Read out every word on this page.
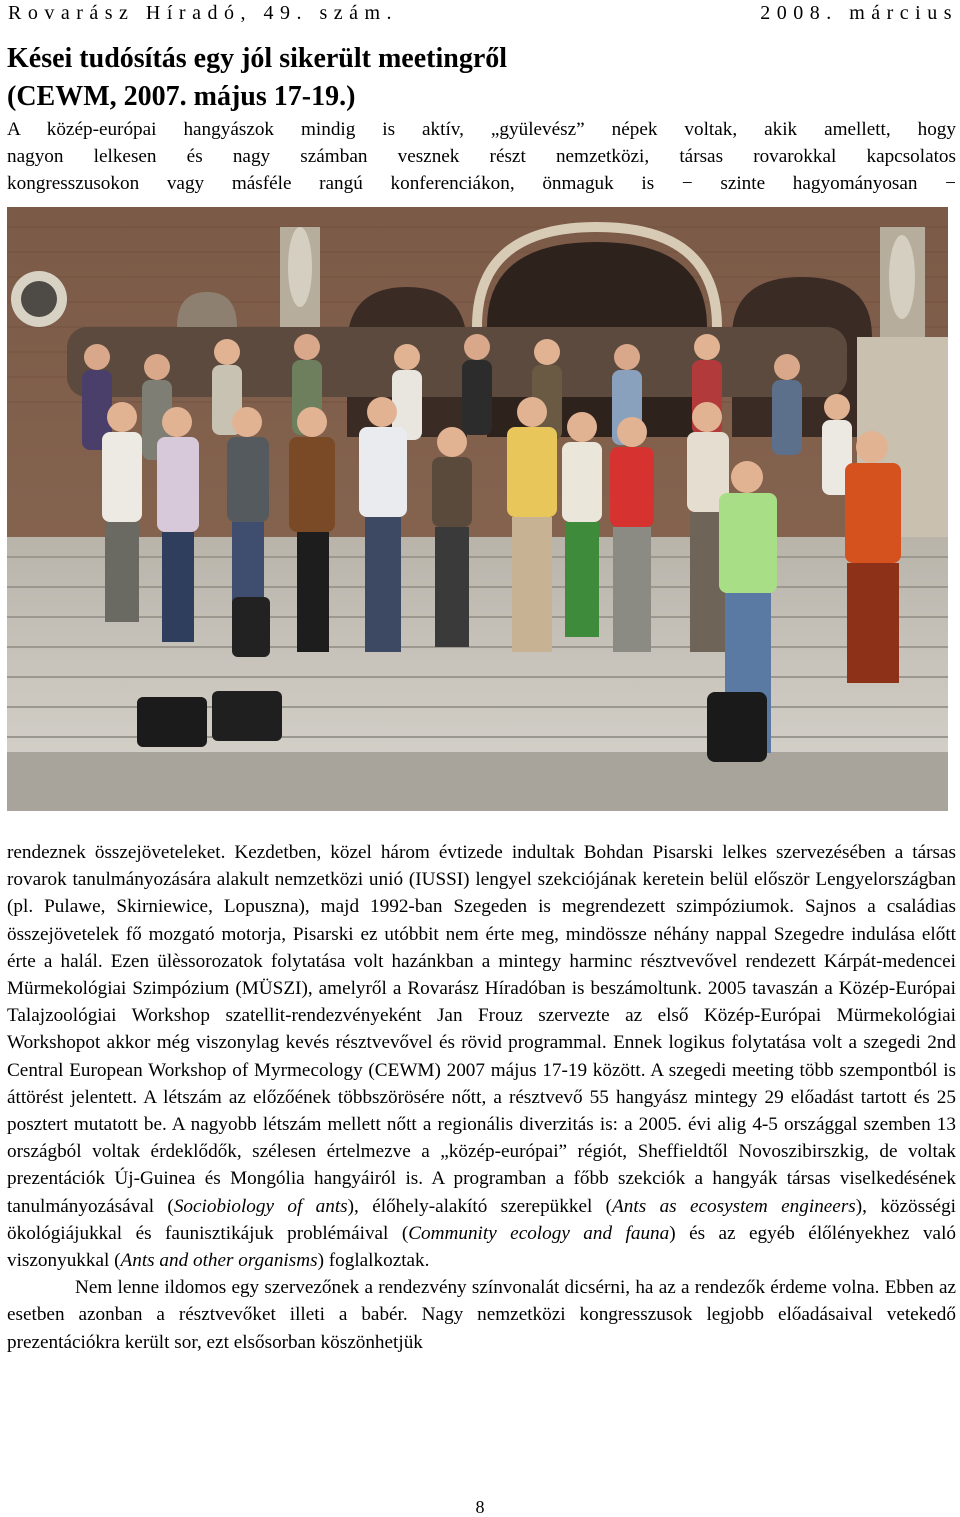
Rovarász Híradó, 49. szám.	2008. március
Kései tudósítás egy jól sikerült meetingről
(CEWM, 2007. május 17-19.)
A közép-európai hangyászok mindig is aktív, „gyülevész” népek voltak, akik amellett, hogy
nagyon lelkesen és nagy számban vesznek részt nemzetközi, társas rovarokkal kapcsolatos
kongresszusokon vagy másféle rangú konferenciákon, önmaguk is − szinte hagyományosan −

rendeznek összejöveteleket. Kezdetben, közel három évtizede indultak Bohdan Pisarski lelkes szervezésében a társas rovarok tanulmányozására alakult nemzetközi unió (IUSSI) lengyel szekciójának keretein belül először Lengyelországban (pl. Pulawe, Skirniewice, Lopuszna), majd 1992-ban Szegeden is megrendezett szimpóziumok. Sajnos a családias összejövetelek fő mozgató motorja, Pisarski ez utóbbit nem érte meg, mindössze néhány nappal Szegedre indulása előtt érte a halál. Ezen ülèssorozatok folytatása volt hazánkban a mintegy harminc résztvevővel rendezett Kárpát-medencei Mürmekológiai Szimpózium (MÜSZI), amelyről a Rovarász Híradóban is beszámoltunk. 2005 tavaszán a Közép-Európai Talajzoológiai Workshop szatellit-rendezvényeként Jan Frouz szervezte az első Közép-Európai Mürmekológiai Workshopot akkor még viszonylag kevés résztvevővel és rövid programmal. Ennek logikus folytatása volt a szegedi 2nd Central European Workshop of Myrmecology (CEWM) 2007 május 17-19 között. A szegedi meeting több szempontból is áttörést jelentett. A létszám az előzőének többszörösére nőtt, a résztvevő 55 hangyász mintegy 29 előadást tartott és 25 posztert mutatott be. A nagyobb létszám mellett nőtt a regionális diverzitás is: a 2005. évi alig 4-5 országgal szemben 13 országból voltak érdeklődők, szélesen értelmezve a „közép-európai” régiót, Sheffieldtől Novoszibirszkig, de voltak prezentációk Új-Guinea és Mongólia hangyáiról is. A programban a főbb szekciók a hangyák társas viselkedésének tanulmányozásával (Sociobiology of ants), élőhely-alakító szerepükkel (Ants as ecosystem engineers), közösségi ökológiájukkal és faunisztikájuk problémáival (Community ecology and fauna) és az egyéb élőlényekhez való viszonyukkal (Ants and other organisms) foglalkoztak.

Nem lenne ildomos egy szervezőnek a rendezvény színvonalát dicsérni, ha az a rendezők érdeme volna. Ebben az esetben azonban a résztvevőket illeti a babér. Nagy nemzetközi kongresszusok legjobb előadásaival vetekedő prezentációkra került sor, ezt elsősorban köszönhetjük

8
